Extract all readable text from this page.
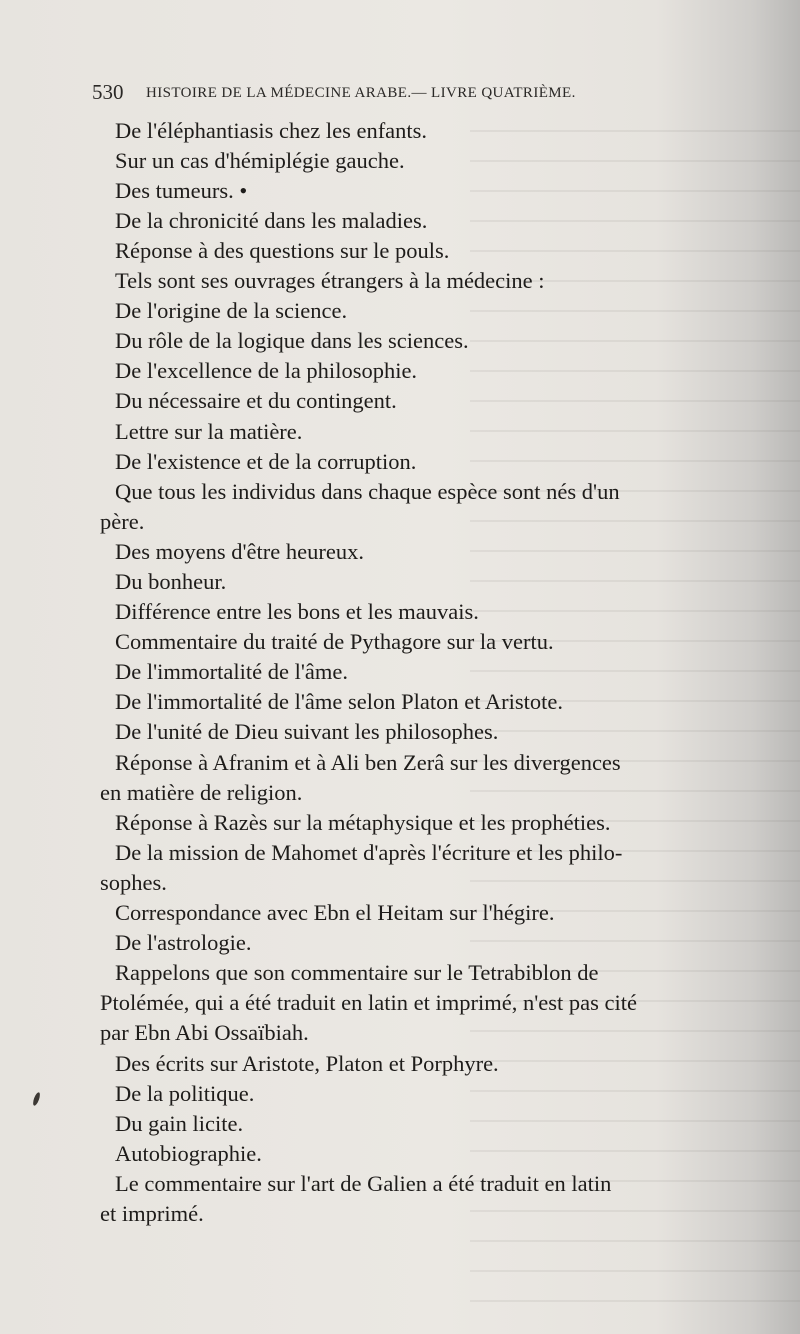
530 HISTOIRE DE LA MÉDECINE ARABE.— LIVRE QUATRIÈME.
De l'éléphantiasis chez les enfants.
Sur un cas d'hémiplégie gauche.
Des tumeurs. •
De la chronicité dans les maladies.
Réponse à des questions sur le pouls.
Tels sont ses ouvrages étrangers à la médecine :
De l'origine de la science.
Du rôle de la logique dans les sciences.
De l'excellence de la philosophie.
Du nécessaire et du contingent.
Lettre sur la matière.
De l'existence et de la corruption.
Que tous les individus dans chaque espèce sont nés d'un
père.
Des moyens d'être heureux.
Du bonheur.
Différence entre les bons et les mauvais.
Commentaire du traité de Pythagore sur la vertu.
De l'immortalité de l'âme.
De l'immortalité de l'âme selon Platon et Aristote.
De l'unité de Dieu suivant les philosophes.
Réponse à Afranim et à Ali ben Zerâ sur les divergences
en matière de religion.
Réponse à Razès sur la métaphysique et les prophéties.
De la mission de Mahomet d'après l'écriture et les philo-
sophes.
Correspondance avec Ebn el Heitam sur l'hégire.
De l'astrologie.
Rappelons que son commentaire sur le Tetrabiblon de
Ptolémée, qui a été traduit en latin et imprimé, n'est pas cité
par Ebn Abi Ossaïbiah.
Des écrits sur Aristote, Platon et Porphyre.
De la politique.
Du gain licite.
Autobiographie.
Le commentaire sur l'art de Galien a été traduit en latin
et imprimé.
